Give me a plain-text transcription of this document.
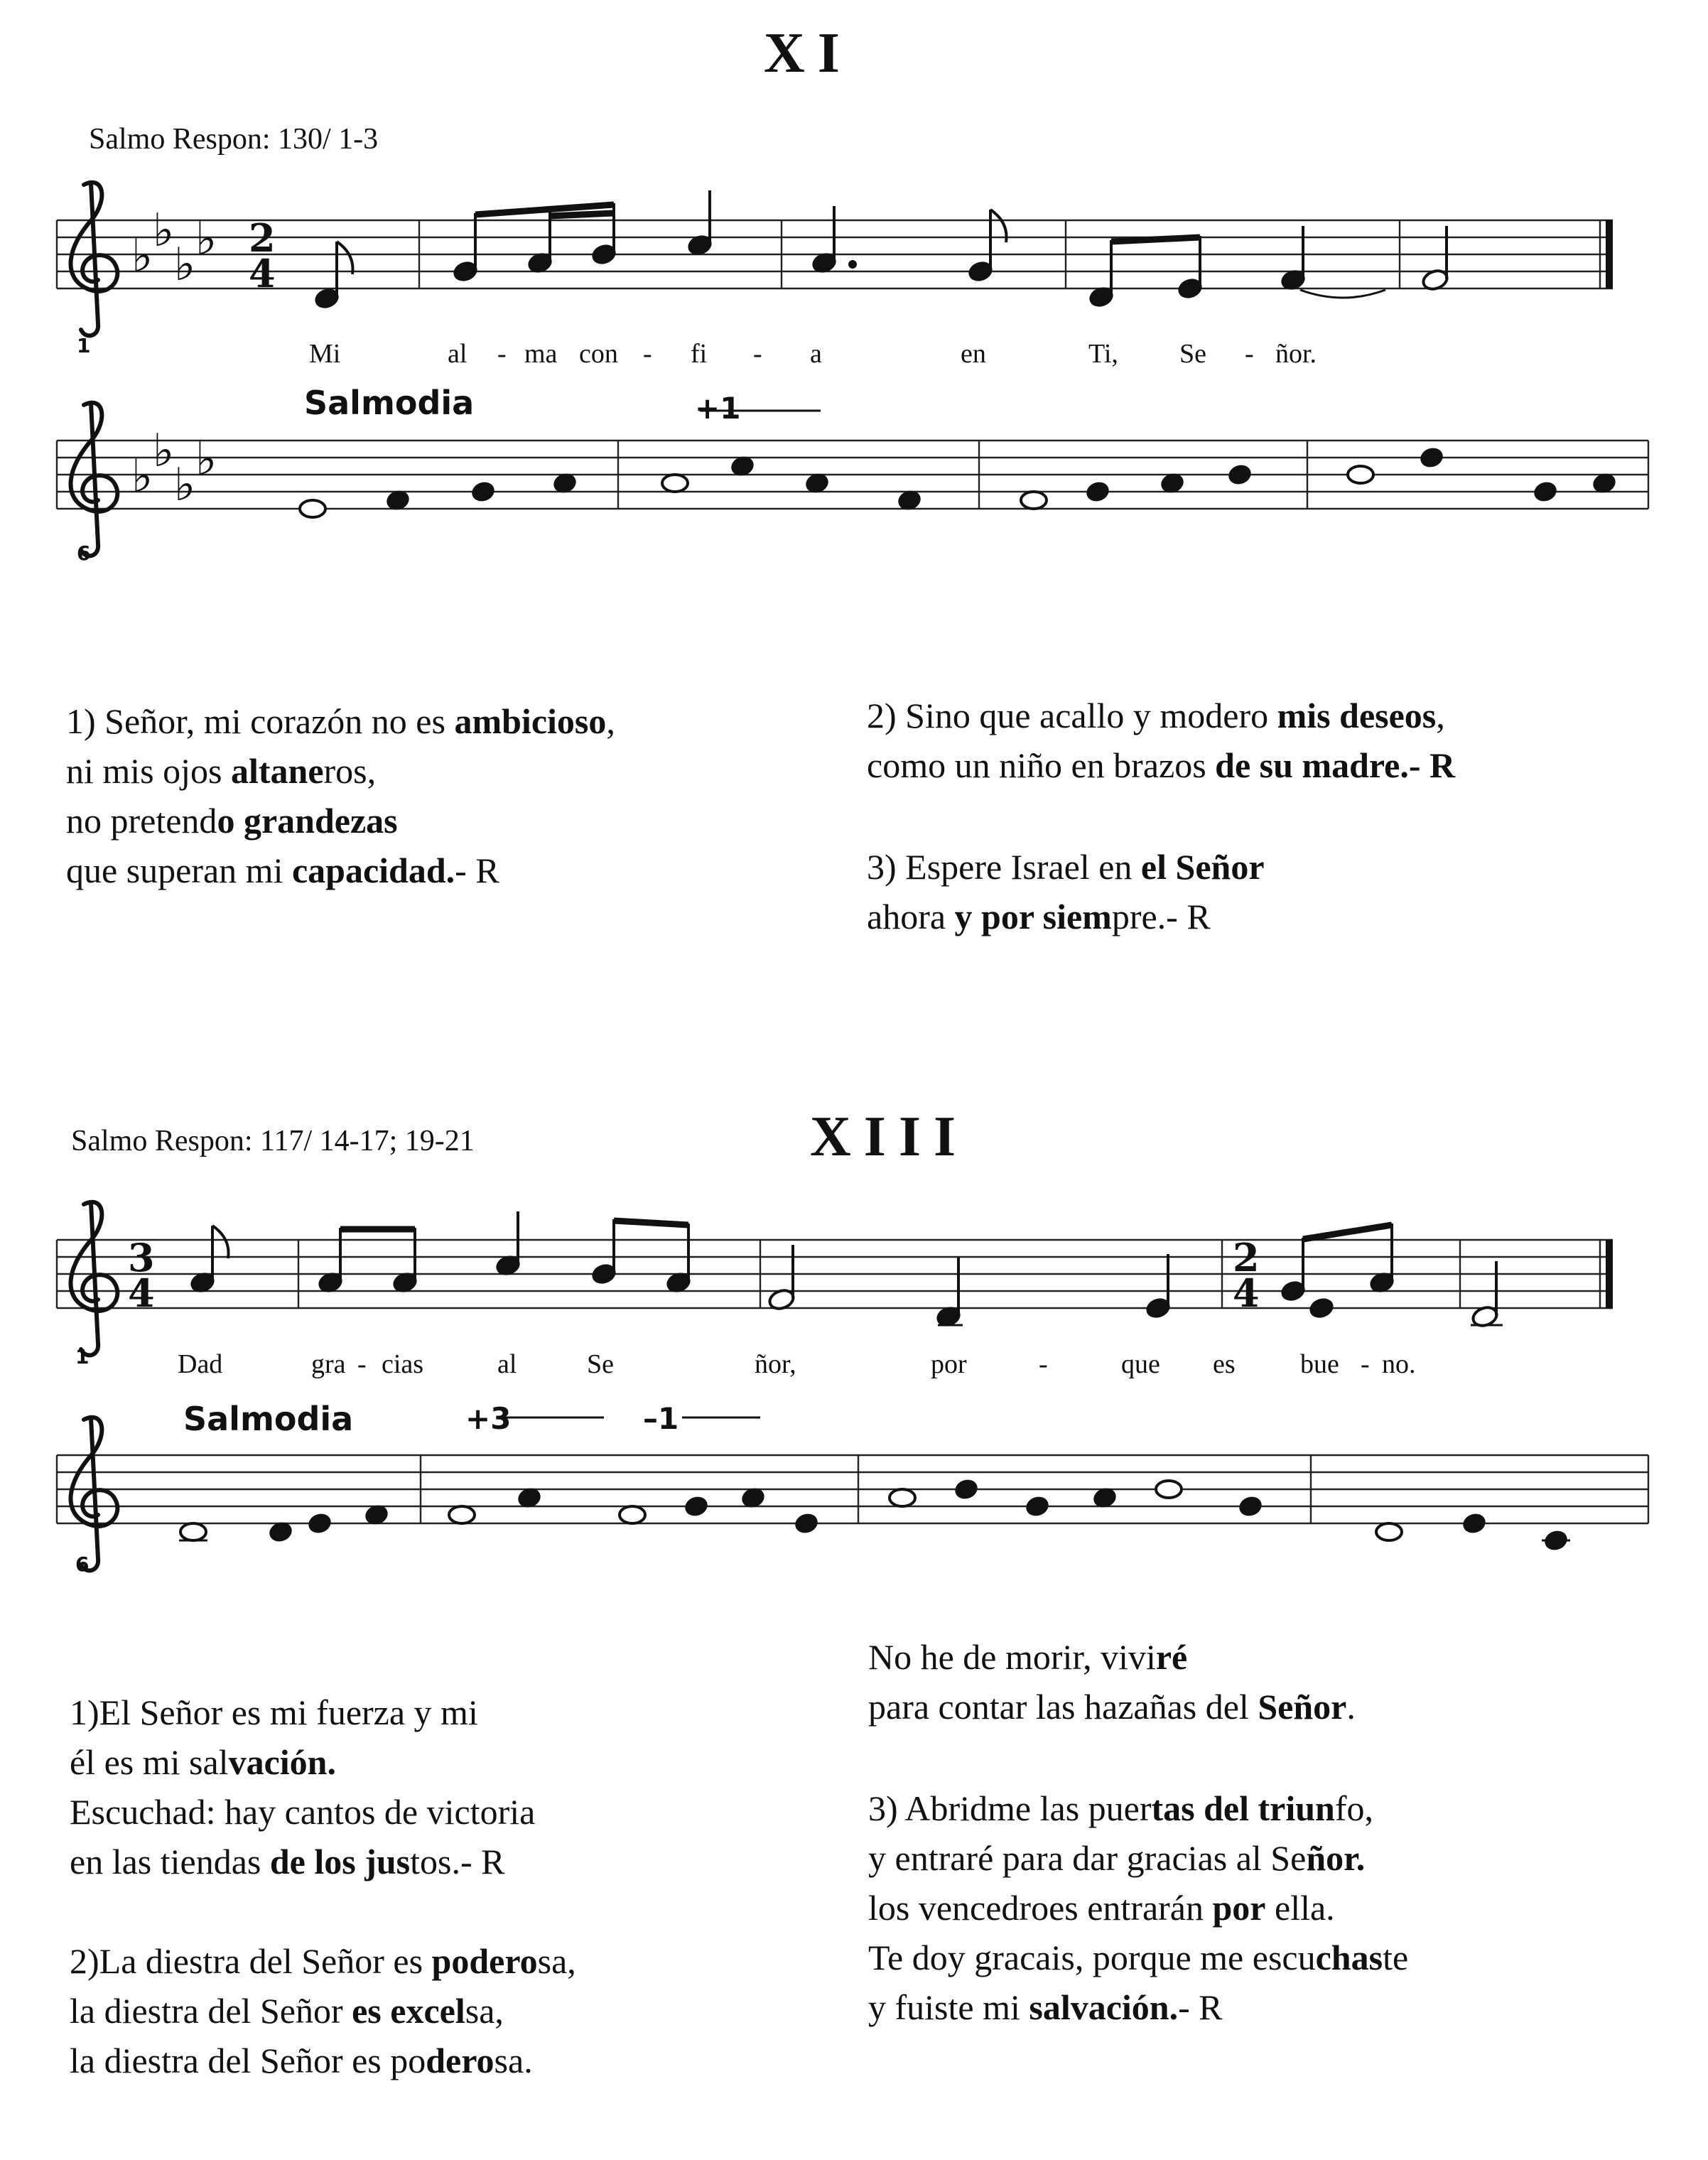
XI
Salmo Respon: 130/ 1-3
♭ ♭
♭ ♭ 2
4
♭ ♭
♭ ♭
3
4
2
4
1
6
Salmodia	+1
Mi	al - ma con - fi - a	en	Ti, Se - ñor.
1) Señor, mi corazón no es ambicioso,
ni mis ojos altaneros,
no pretendo grandezas
que superan mi capacidad.- R
2) Sino que acallo y modero mis deseos,
como un niño en brazos de su madre.- R
3) Espere Israel en el Señor
ahora y por siempre.- R
XIII
Salmo Respon: 117/ 14-17; 19-21
1
6
Salmodia	+3	–1
Dad	gra - cias	al	Se	ñor,	por	-	que es bue - no.
1)El Señor es mi fuerza y mi
él es mi salvación.
Escuchad: hay cantos de victoria
en las tiendas de los justos.- R
2)La diestra del Señor es poderosa,
la diestra del Señor es excelsa,
la diestra del Señor es poderosa.
No he de morir, viviré
para contar las hazañas del Señor.
3) Abridme las puertas del triunfo,
y entraré para dar gracias al Señor.
los vencedroes entrarán por ella.
Te doy gracais, porque me escuchaste
y fuiste mi salvación.- R
